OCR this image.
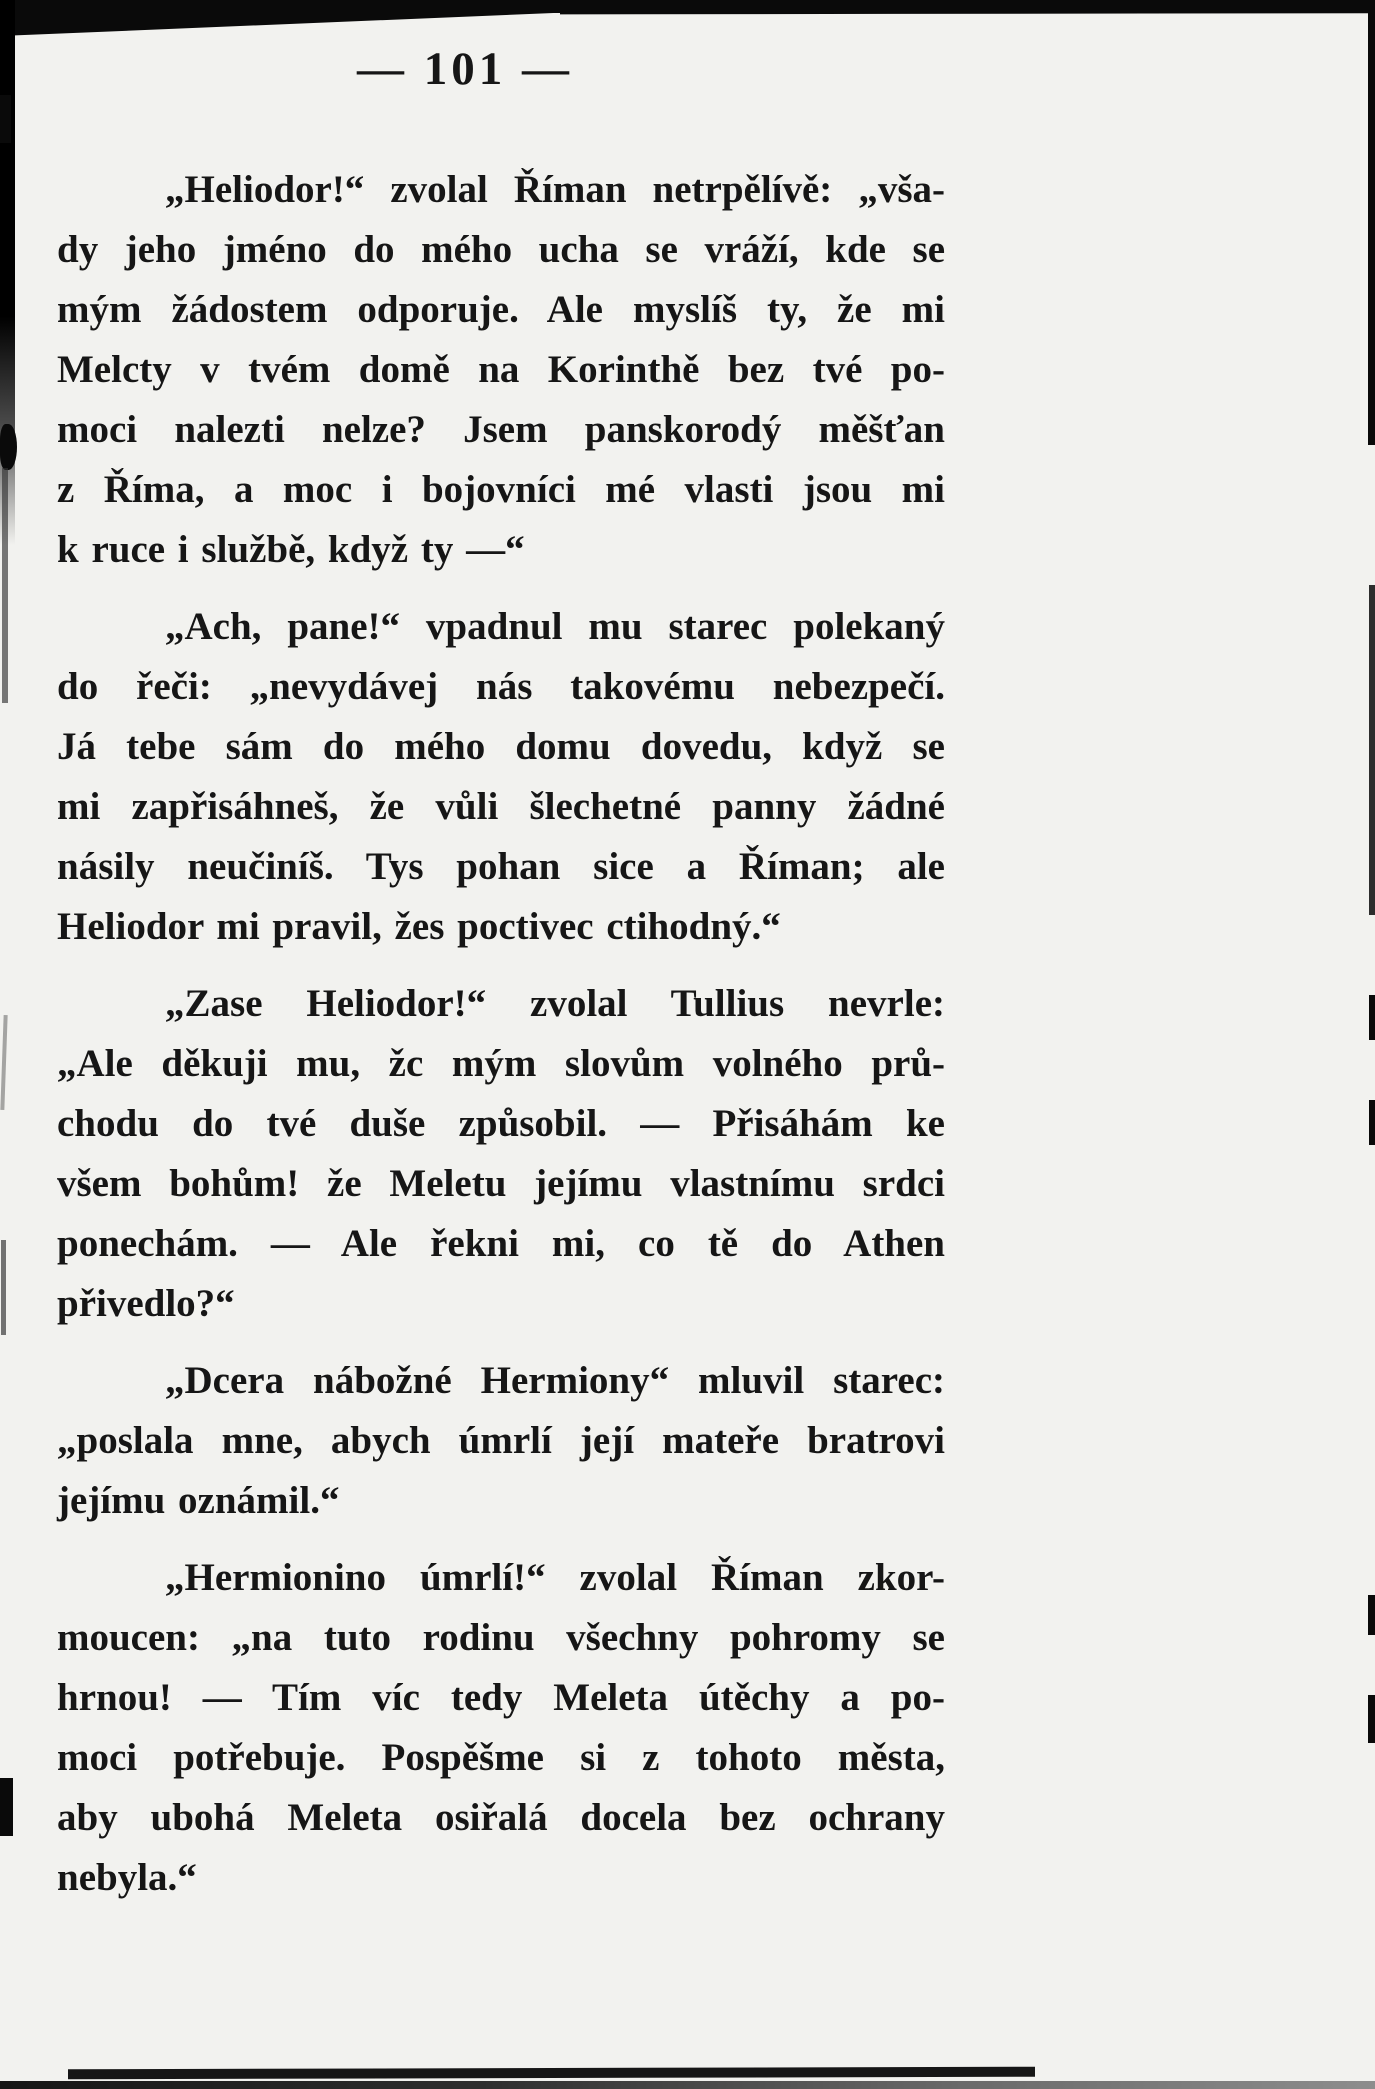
— 101 —
„Heliodor!“ zvolal Říman netrpělívě: „vša-
dy jeho jméno do mého ucha se vráží, kde se
mým žádostem odporuje. Ale myslíš ty, že mi
Melcty v tvém domě na Korinthě bez tvé po-
moci nalezti nelze? Jsem panskorodý měšťan
z Říma, a moc i bojovníci mé vlasti jsou mi
k ruce i službě, když ty —“
„Ach, pane!“ vpadnul mu starec polekaný
do řeči: „nevydávej nás takovému nebezpečí.
Já tebe sám do mého domu dovedu, když se
mi zapřisáhneš, že vůli šlechetné panny žádné
násily neučiníš. Tys pohan sice a Říman; ale
Heliodor mi pravil, žes poctivec ctihodný.“
„Zase Heliodor!“ zvolal Tullius nevrle:
„Ale děkuji mu, žc mým slovům volného prů-
chodu do tvé duše způsobil. — Přisáhám ke
všem bohům! že Meletu jejímu vlastnímu srdci
ponechám. — Ale řekni mi, co tě do Athen
přivedlo?“
„Dcera nábožné Hermiony“ mluvil starec:
„poslala mne, abych úmrlí její mateře bratrovi
jejímu oznámil.“
„Hermionino úmrlí!“ zvolal Říman zkor-
moucen: „na tuto rodinu všechny pohromy se
hrnou! — Tím víc tedy Meleta útěchy a po-
moci potřebuje. Pospěšme si z tohoto města,
aby ubohá Meleta osiřalá docela bez ochrany
nebyla.“
